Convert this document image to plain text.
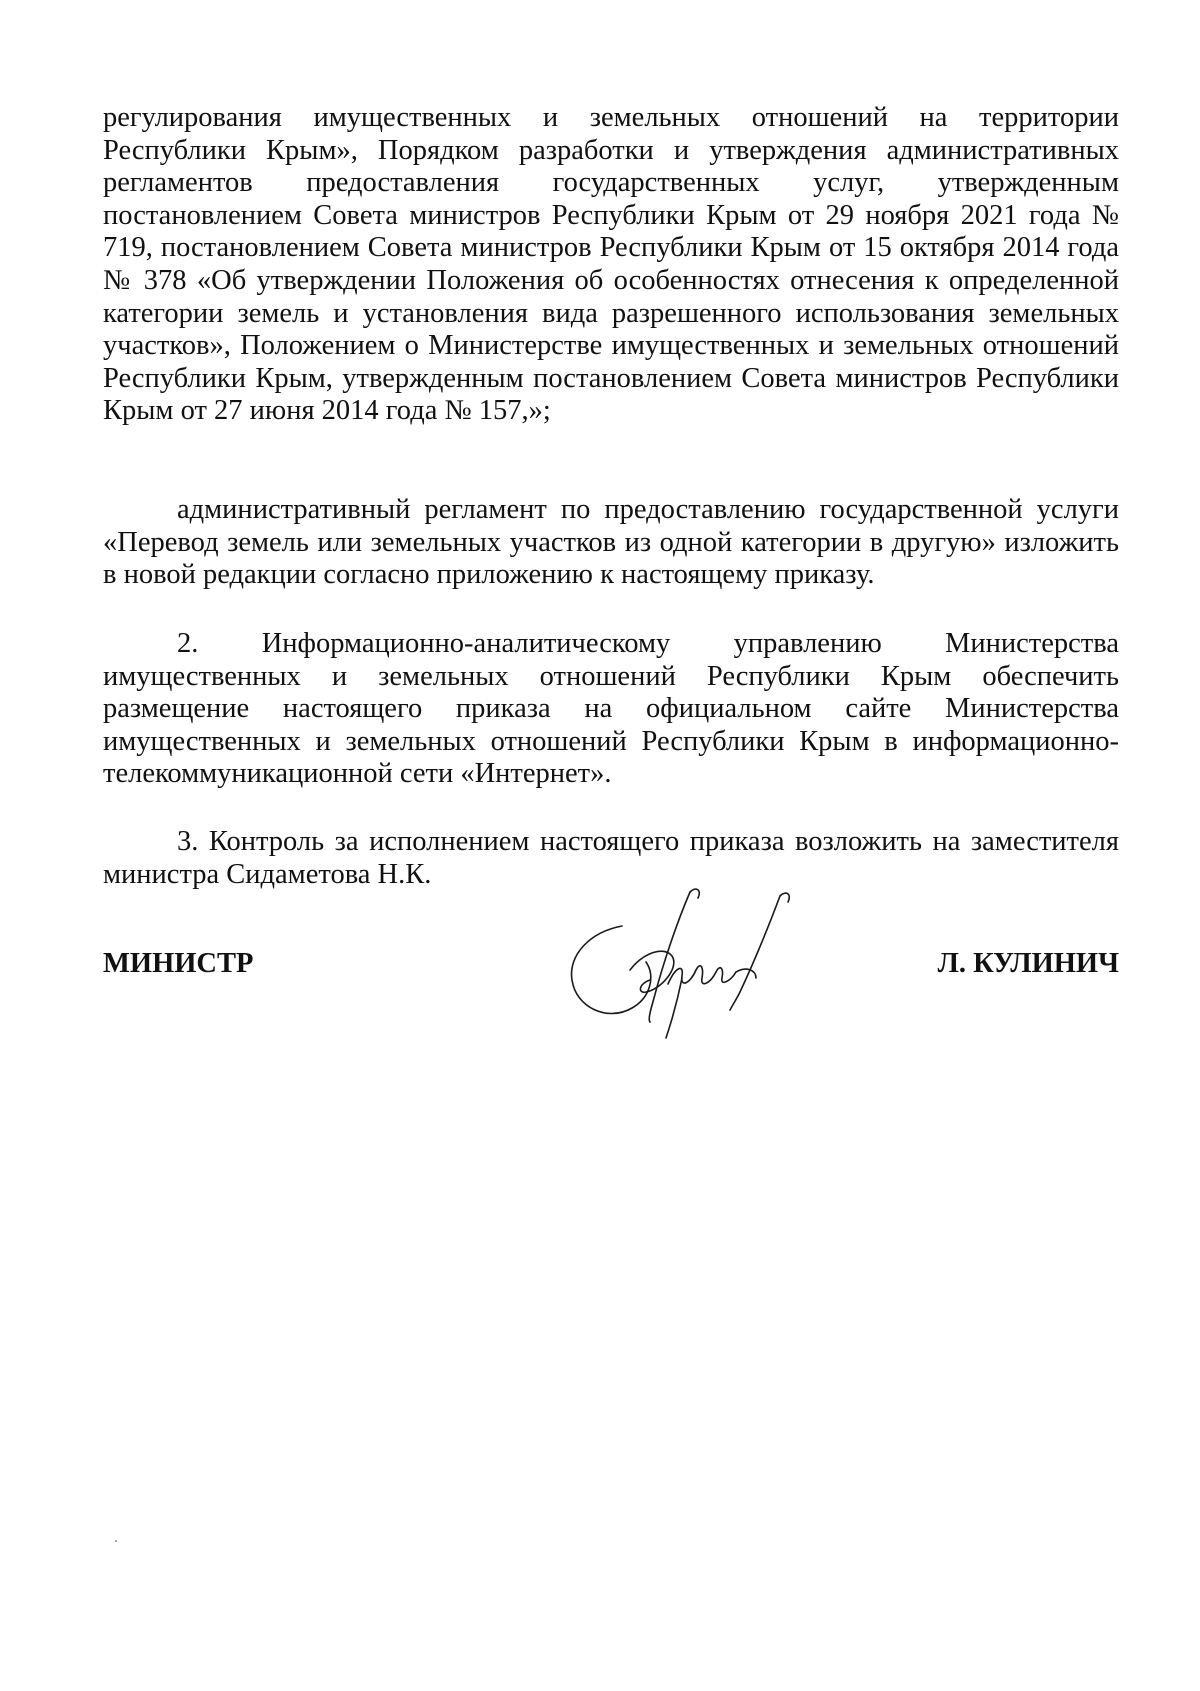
регулирования имущественных и земельных отношений на территории Республики Крым», Порядком разработки и утверждения административных регламентов предоставления государственных услуг, утвержденным постановлением Совета министров Республики Крым от 29 ноября 2021 года № 719, постановлением Совета министров Республики Крым от 15 октября 2014 года № 378 «Об утверждении Положения об особенностях отнесения к определенной категории земель и установления вида разрешенного использования земельных участков», Положением о Министерстве имущественных и земельных отношений Республики Крым, утвержденным постановлением Совета министров Республики Крым от 27 июня 2014 года № 157,»;

административный регламент по предоставлению государственной услуги «Перевод земель или земельных участков из одной категории в другую» изложить в новой редакции согласно приложению к настоящему приказу.

2. Информационно-аналитическому управлению Министерства имущественных и земельных отношений Республики Крым обеспечить размещение настоящего приказа на официальном сайте Министерства имущественных и земельных отношений Республики Крым в информационно-телекоммуникационной сети «Интернет».

3. Контроль за исполнением настоящего приказа возложить на заместителя министра Сидаметова Н.К.

МИНИСТР	Л. КУЛИНИЧ
